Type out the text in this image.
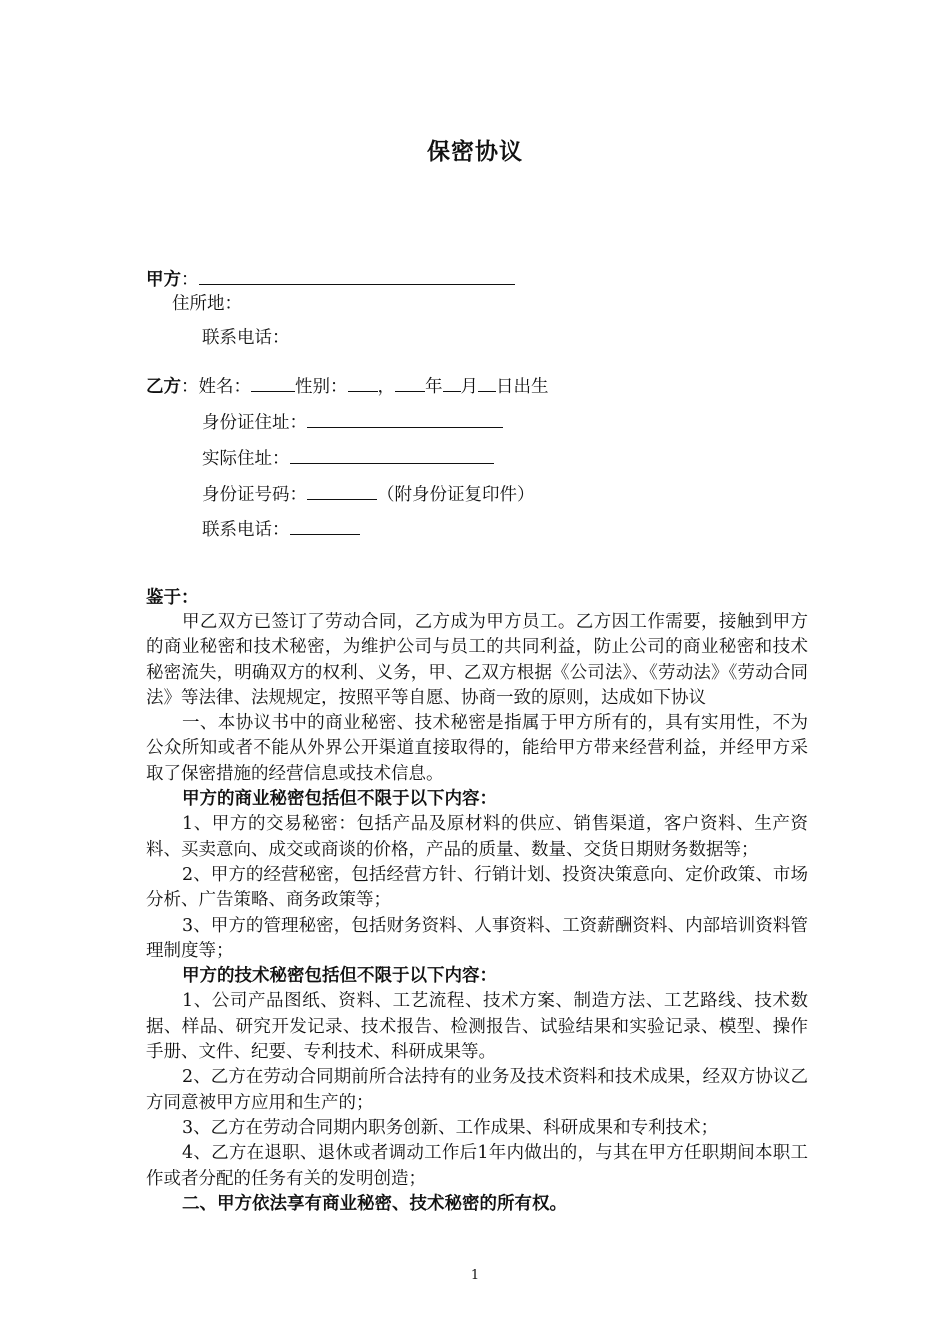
保密协议
甲方：
住所地：
联系电话：
乙方：姓名：	性别： ， 年 月 日出生
身份证住址：
实际住址：
身份证号码：	（附身份证复印件）
联系电话：
鉴于：

甲乙双方已签订了劳动合同，乙方成为甲方员工。乙方因工作需要，接触到甲方的商业秘密和技术秘密，为维护公司与员工的共同利益，防止公司的商业秘密和技术秘密流失，明确双方的权利、义务，甲、乙双方根据《公司法》、《劳动法》《劳动合同法》等法律、法规规定，按照平等自愿、协商一致的原则，达成如下协议

一、本协议书中的商业秘密、技术秘密是指属于甲方所有的，具有实用性，不为公众所知或者不能从外界公开渠道直接取得的，能给甲方带来经营利益，并经甲方采取了保密措施的经营信息或技术信息。

甲方的商业秘密包括但不限于以下内容：

1、甲方的交易秘密：包括产品及原材料的供应、销售渠道，客户资料、生产资料、买卖意向、成交或商谈的价格，产品的质量、数量、交货日期财务数据等；

2、甲方的经营秘密，包括经营方针、行销计划、投资决策意向、定价政策、市场分析、广告策略、商务政策等；

3、甲方的管理秘密，包括财务资料、人事资料、工资薪酬资料、内部培训资料管理制度等；

甲方的技术秘密包括但不限于以下内容：

1、公司产品图纸、资料、工艺流程、技术方案、制造方法、工艺路线、技术数据、样品、研究开发记录、技术报告、检测报告、试验结果和实验记录、模型、操作手册、文件、纪要、专利技术、科研成果等。

2、乙方在劳动合同期前所合法持有的业务及技术资料和技术成果，经双方协议乙方同意被甲方应用和生产的；

3、乙方在劳动合同期内职务创新、工作成果、科研成果和专利技术；

4、乙方在退职、退休或者调动工作后1年内做出的，与其在甲方任职期间本职工作或者分配的任务有关的发明创造；

二、甲方依法享有商业秘密、技术秘密的所有权。

1
